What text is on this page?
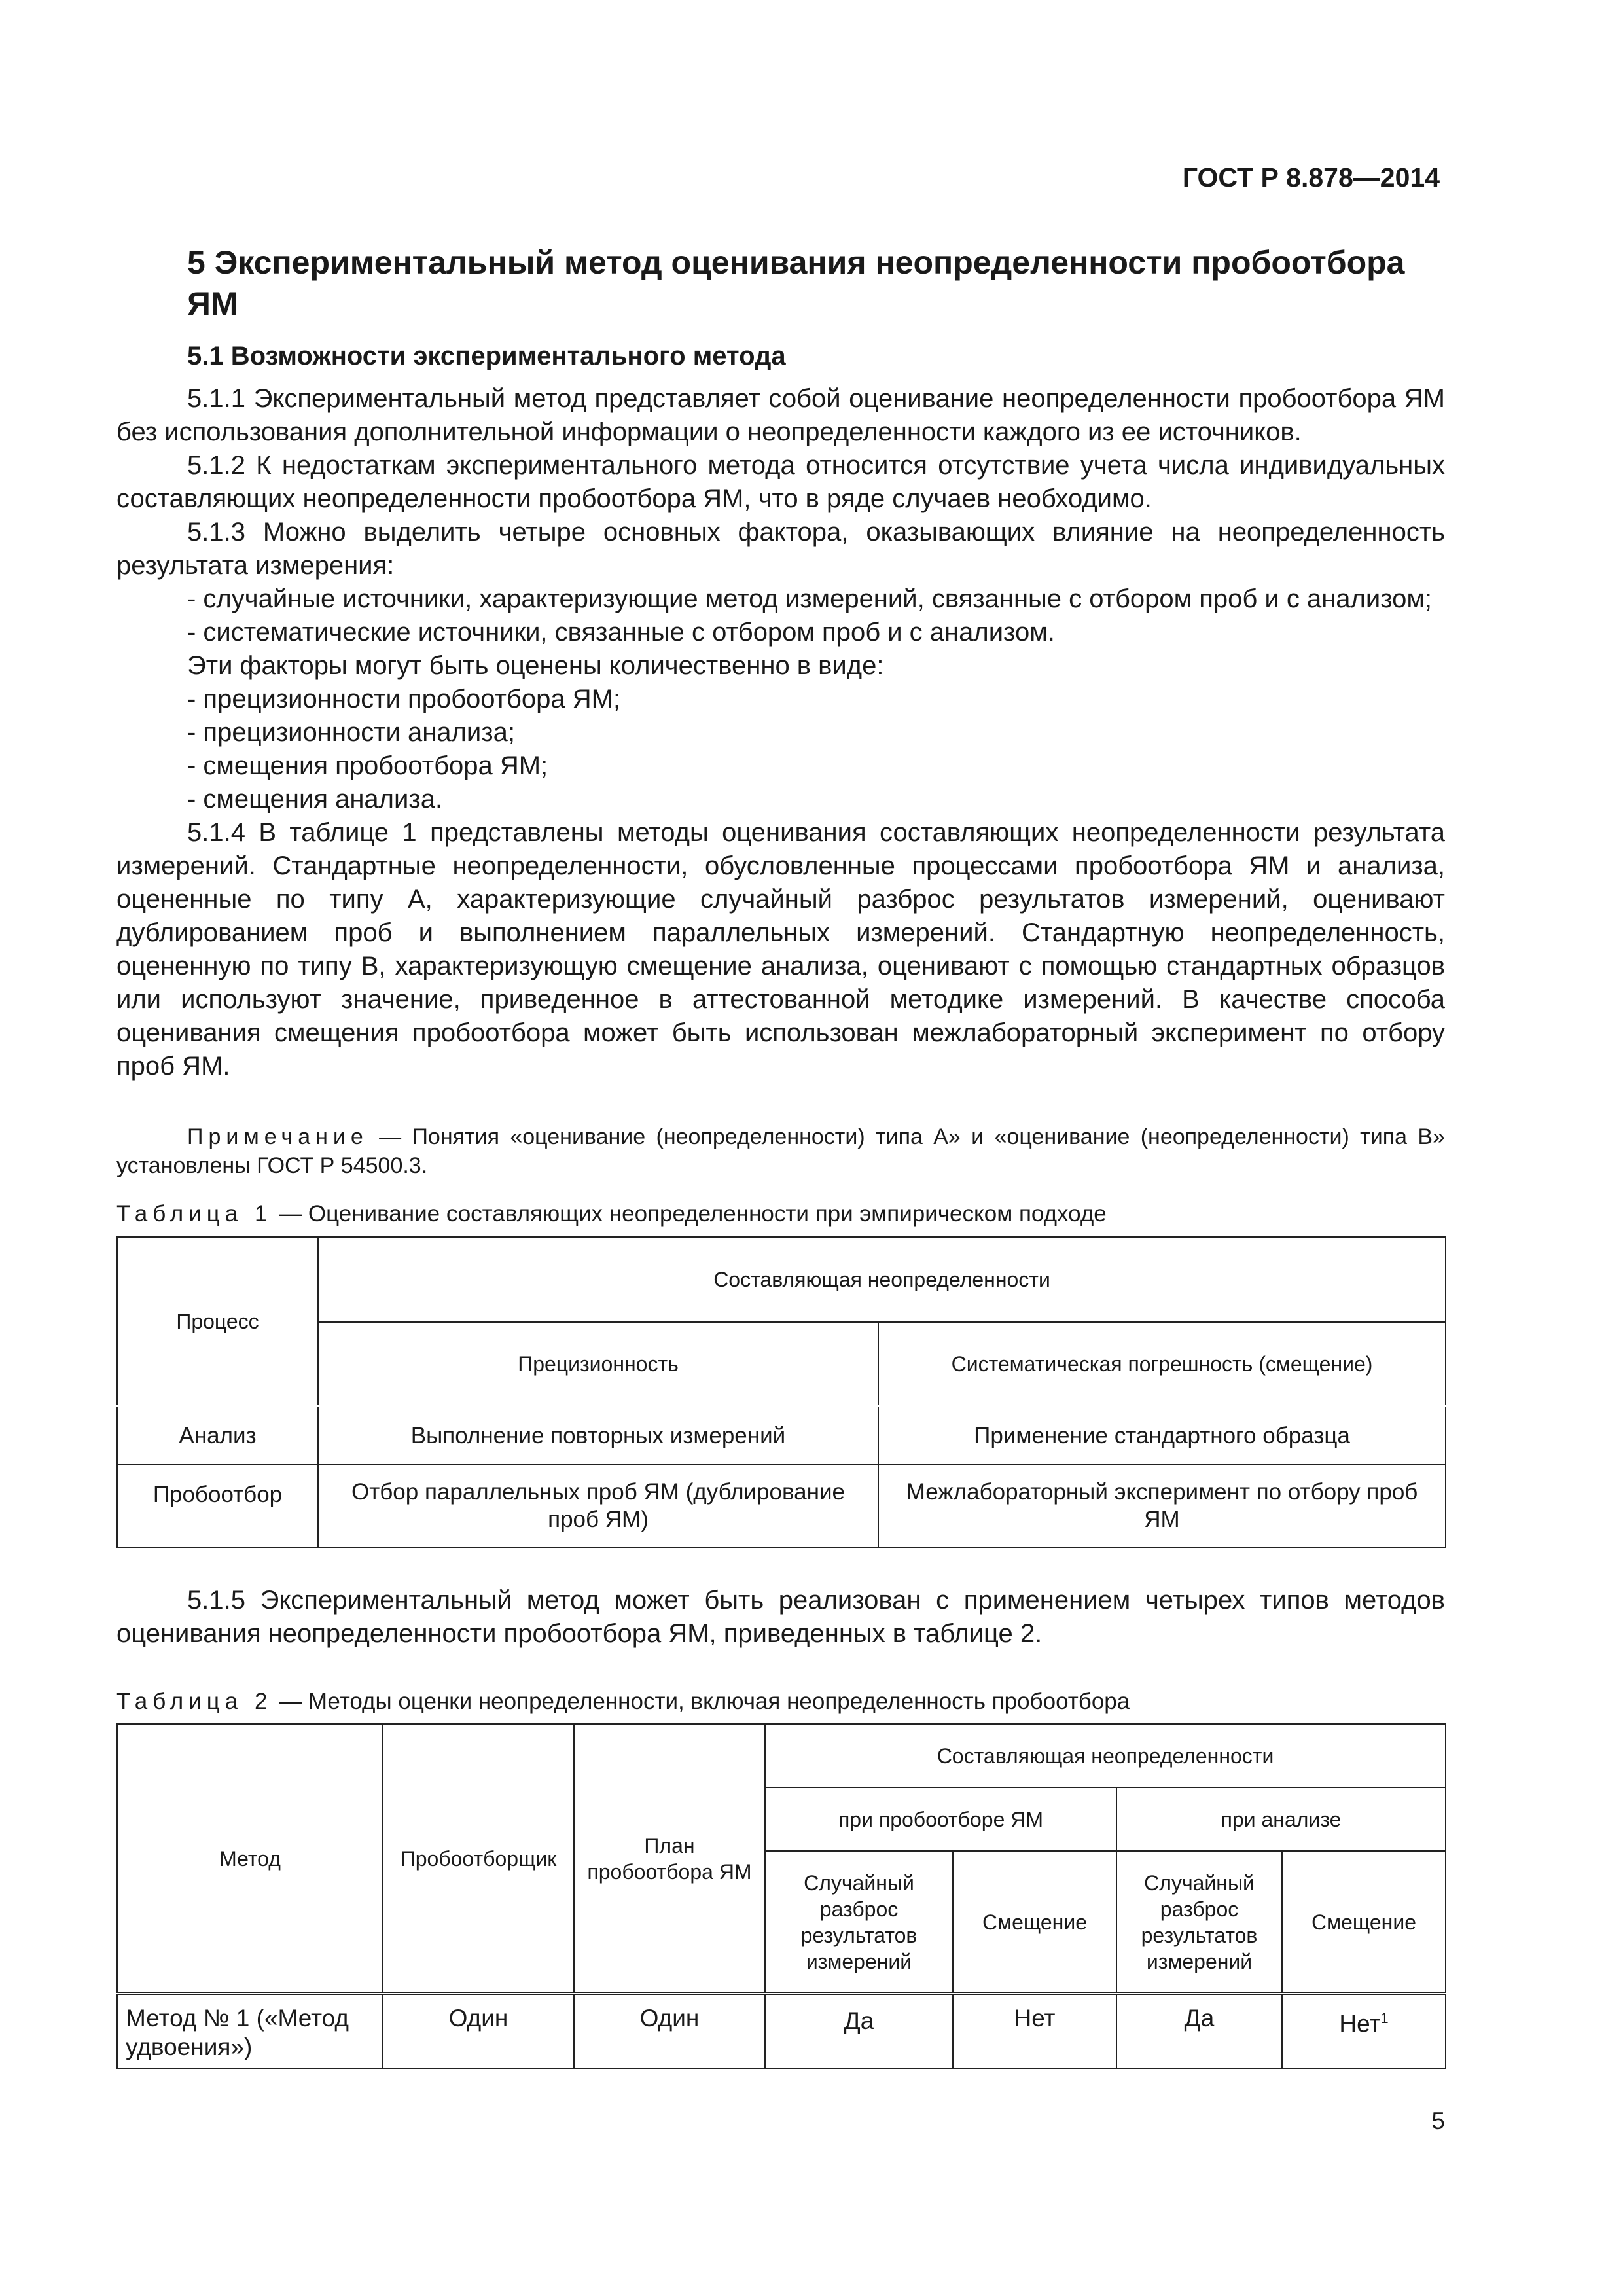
ГОСТ Р 8.878—2014
5 Экспериментальный метод оценивания неопределенности пробоотбора ЯМ
5.1 Возможности экспериментального метода

5.1.1 Экспериментальный метод представляет собой оценивание неопределенности пробоотбора ЯМ без использования дополнительной информации о неопределенности каждого из ее источников.

5.1.2 К недостаткам экспериментального метода относится отсутствие учета числа индивидуальных составляющих неопределенности пробоотбора ЯМ, что в ряде случаев необходимо.

5.1.3 Можно выделить четыре основных фактора, оказывающих влияние на неопределенность результата измерения:

- случайные источники, характеризующие метод измерений, связанные с отбором проб и с анализом;

- систематические источники, связанные с отбором проб и с анализом.

Эти факторы могут быть оценены количественно в виде:

- прецизионности пробоотбора ЯМ;

- прецизионности анализа;

- смещения пробоотбора ЯМ;

- смещения анализа.

5.1.4 В таблице 1 представлены методы оценивания составляющих неопределенности результата измерений. Стандартные неопределенности, обусловленные процессами пробоотбора ЯМ и анализа, оцененные по типу А, характеризующие случайный разброс результатов измерений, оценивают дублированием проб и выполнением параллельных измерений. Стандартную неопределенность, оцененную по типу В, характеризующую смещение анализа, оценивают с помощью стандартных образцов или используют значение, приведенное в аттестованной методике измерений. В качестве способа оценивания смещения пробоотбора может быть использован межлабораторный эксперимент по отбору проб ЯМ.

Примечание — Понятия «оценивание (неопределенности) типа А» и «оценивание (неопределенности) типа В» установлены ГОСТ Р 54500.3.
Таблица 1 — Оценивание составляющих неопределенности при эмпирическом подходе
Процесс	Составляющая неопределенности	
	Прецизионность	Систематическая погрешность (смещение)
Анализ	Выполнение повторных измерений	Применение стандартного образца
Пробоотбор	Отбор параллельных проб ЯМ (дублирование проб ЯМ)	Межлабораторный эксперимент по отбору проб ЯМ
5.1.5 Экспериментальный метод может быть реализован с применением четырех типов методов оценивания неопределенности пробоотбора ЯМ, приведенных в таблице 2.
Таблица 2 — Методы оценки неопределенности, включая неопределенность пробоотбора
Метод	Пробоотборщик	План пробоотбора ЯМ	Составляющая неопределенности			
			при пробоотборе ЯМ		при анализе	
			Случайный разброс результатов измерений	Смещение	Случайный разброс результатов измерений	Смещение
Метод № 1 («Метод удвоения»)	Один	Один	Да	Нет	Да	Нет$^1$
5
